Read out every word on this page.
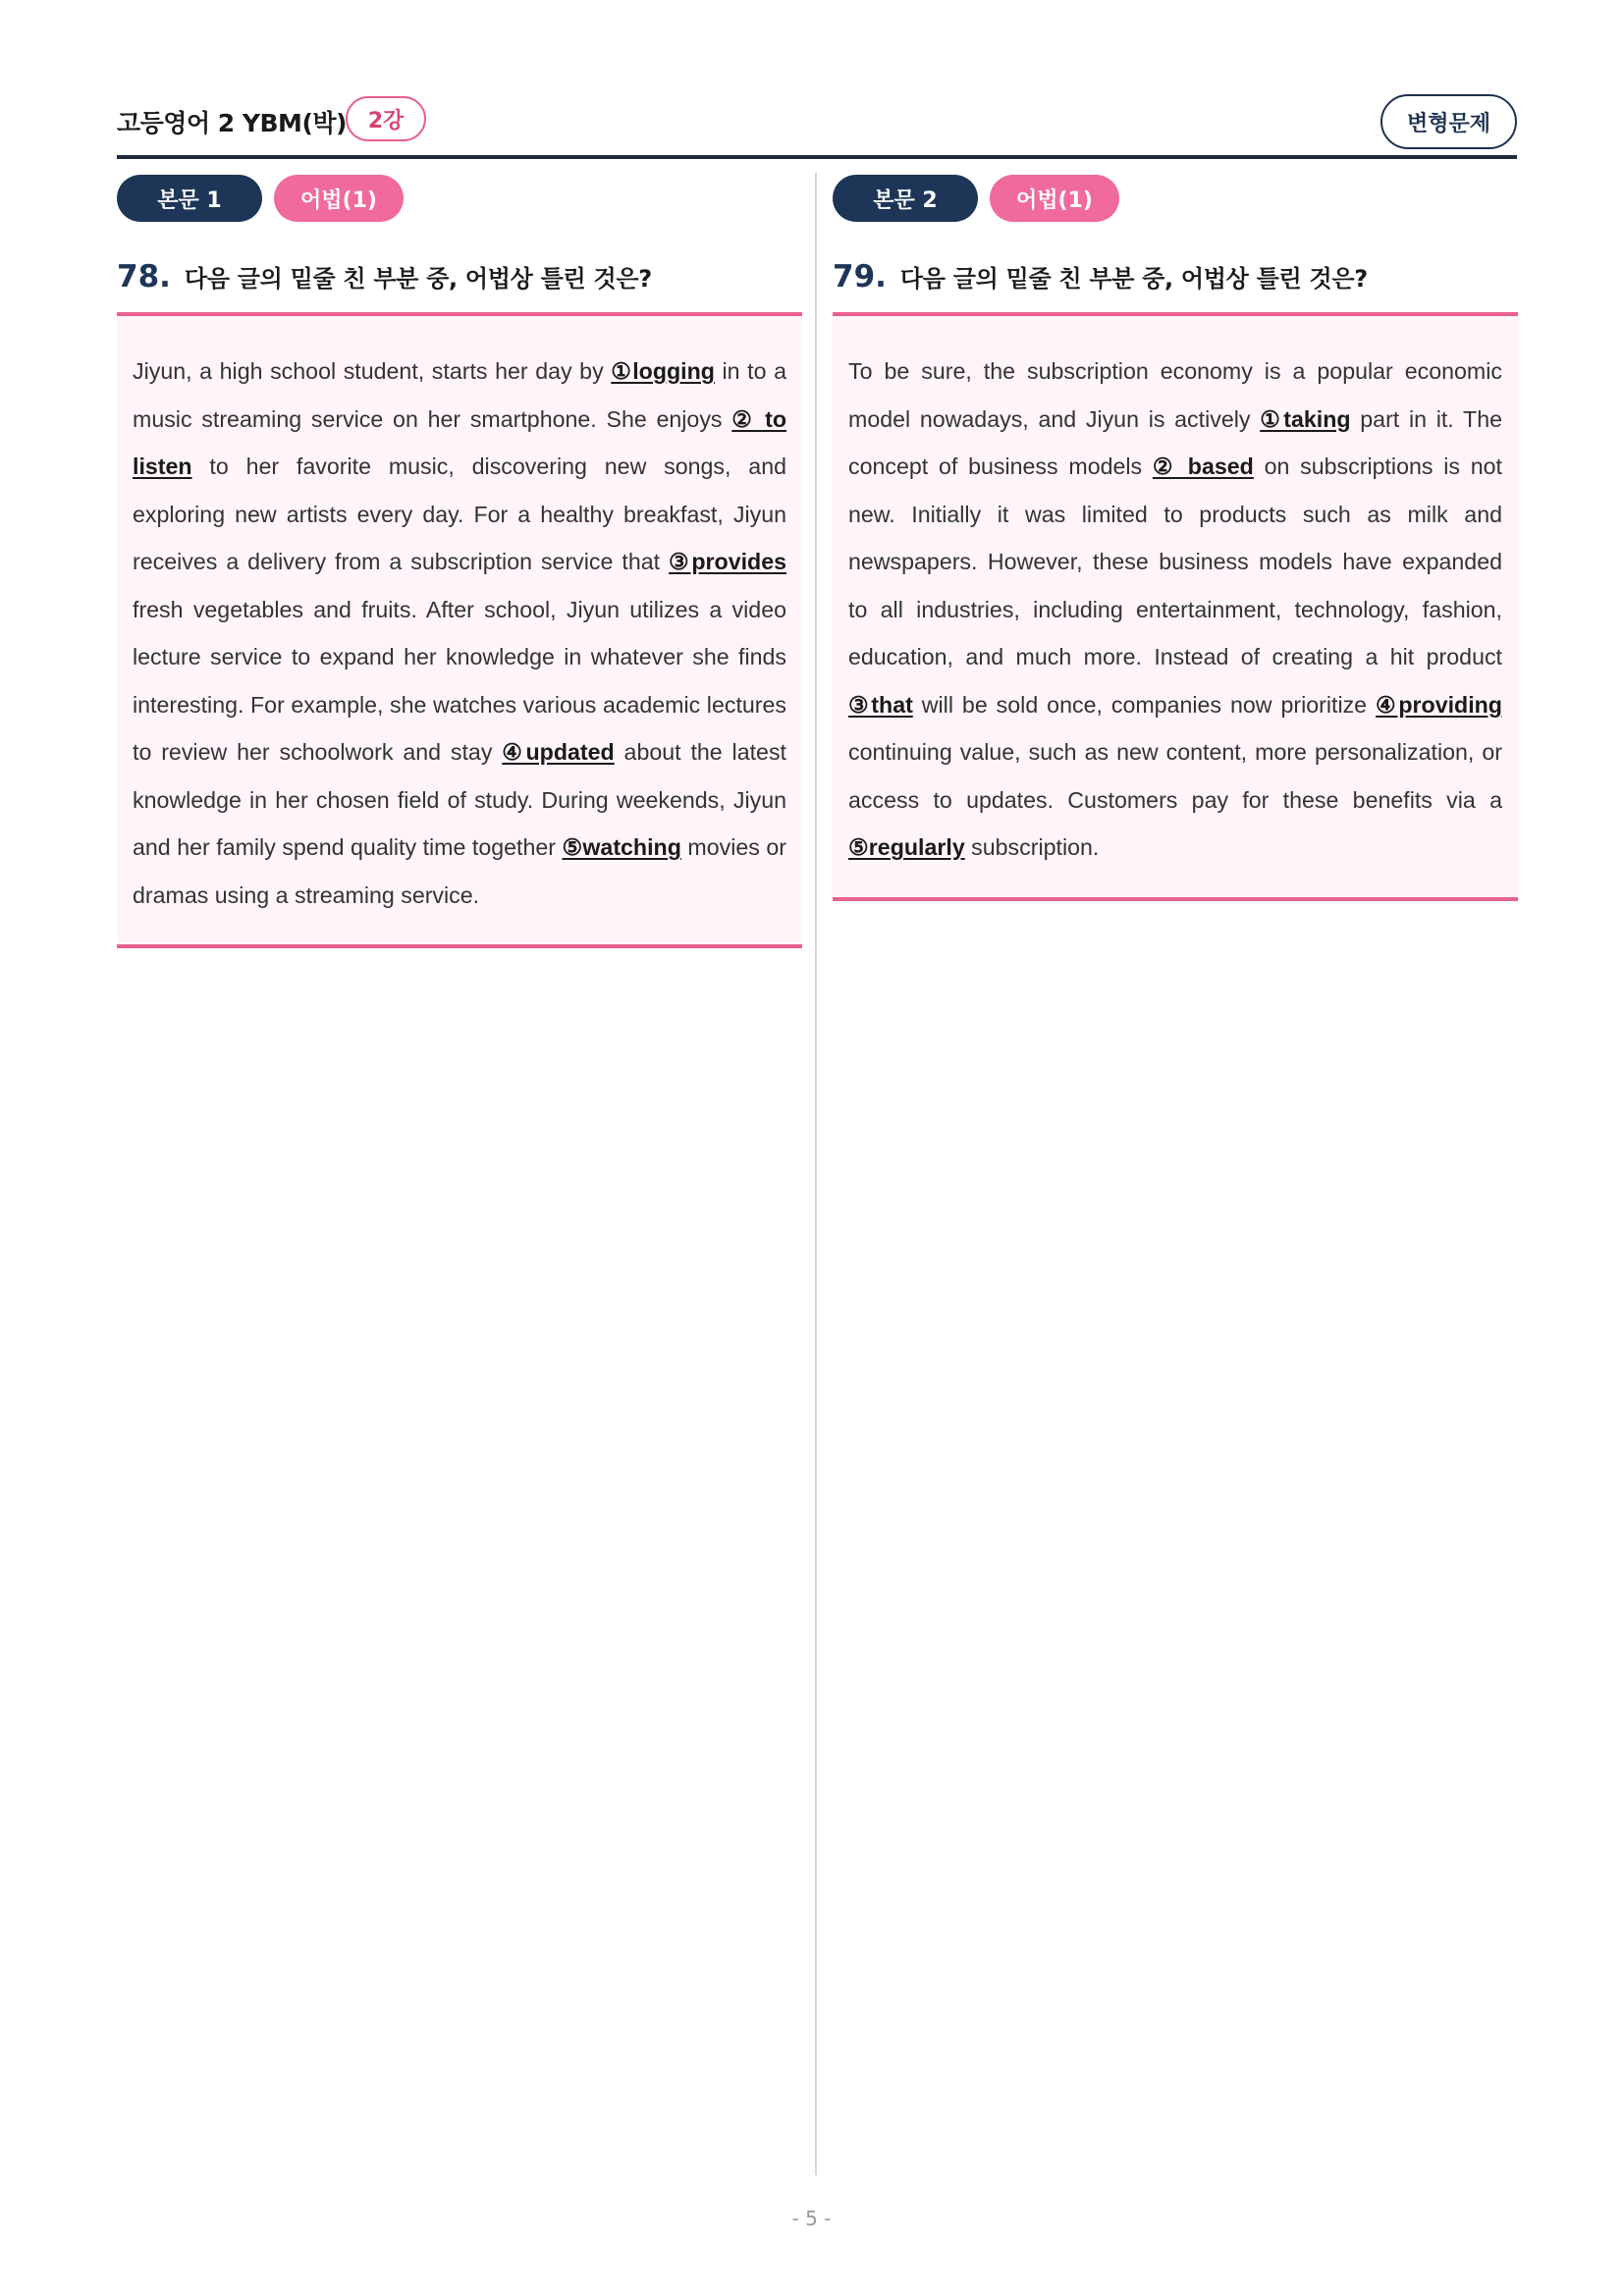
고등영어 2 YBM(박) 2강	변형문제
본문 1	어법(1)
78. 다음 글의 밑줄 친 부분 중, 어법상 틀린 것은?

Jiyun, a high school student, starts her day by ①logging in to a music streaming service on her smartphone. She enjoys ② to listen to her favorite music, discovering new songs, and exploring new artists every day. For a healthy breakfast, Jiyun receives a delivery from a subscription service that ③provides fresh vegetables and fruits. After school, Jiyun utilizes a video lecture service to expand her knowledge in whatever she finds interesting. For example, she watches various academic lectures to review her schoolwork and stay ④updated about the latest knowledge in her chosen field of study. During weekends, Jiyun and her family spend quality time together ⑤watching movies or dramas using a streaming service.

본문 2	어법(1)
79. 다음 글의 밑줄 친 부분 중, 어법상 틀린 것은?

To be sure, the subscription economy is a popular economic model nowadays, and Jiyun is actively ①taking part in it. The concept of business models ② based on subscriptions is not new. Initially it was limited to products such as milk and newspapers. However, these business models have expanded to all industries, including entertainment, technology, fashion, education, and much more. Instead of creating a hit product ③that will be sold once, companies now prioritize ④providing continuing value, such as new content, more personalization, or access to updates. Customers pay for these benefits via a ⑤regularly subscription.

- 5 -
